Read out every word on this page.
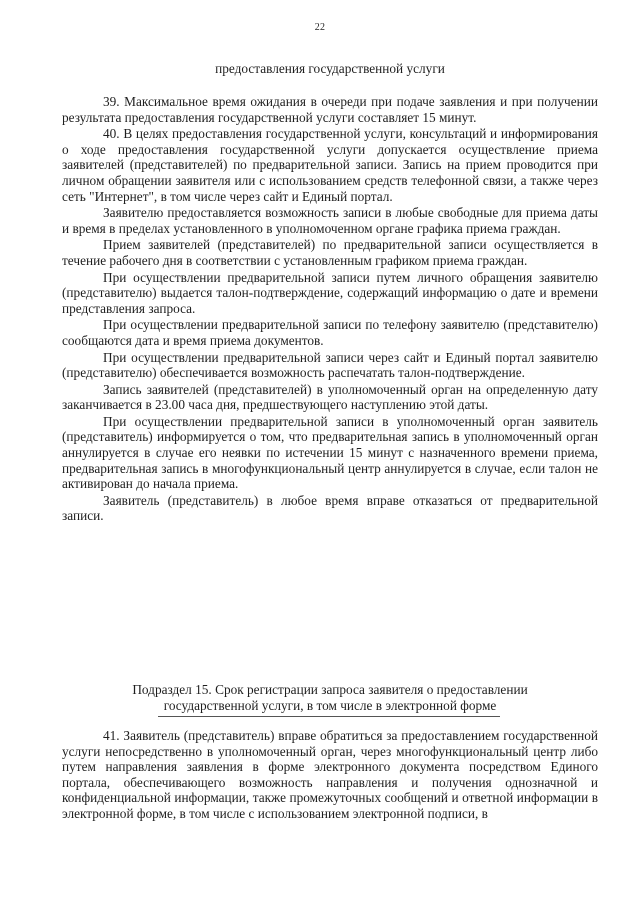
22
предоставления государственной услуги

39. Максимальное время ожидания в очереди при подаче заявления и при получении результата предоставления государственной услуги составляет 15 минут.

40. В целях предоставления государственной услуги, консультаций и информирования о ходе предоставления государственной услуги допускается осуществление приема заявителей (представителей) по предварительной записи. Запись на прием проводится при личном обращении заявителя или с использованием средств телефонной связи, а также через сеть "Интернет", в том числе через сайт и Единый портал.

Заявителю предоставляется возможность записи в любые свободные для приема даты и время в пределах установленного в уполномоченном органе графика приема граждан.

Прием заявителей (представителей) по предварительной записи осуществляется в течение рабочего дня в соответствии с установленным графиком приема граждан.

При осуществлении предварительной записи путем личного обращения заявителю (представителю) выдается талон-подтверждение, содержащий информацию о дате и времени представления запроса.

При осуществлении предварительной записи по телефону заявителю (представителю) сообщаются дата и время приема документов.

При осуществлении предварительной записи через сайт и Единый портал заявителю (представителю) обеспечивается возможность распечатать талон-подтверждение.

Запись заявителей (представителей) в уполномоченный орган на определенную дату заканчивается в 23.00 часа дня, предшествующего наступлению этой даты.

При осуществлении предварительной записи в уполномоченный орган заявитель (представитель) информируется о том, что предварительная запись в уполномоченный орган аннулируется в случае его неявки по истечении 15 минут с назначенного времени приема, предварительная запись в многофункциональный центр аннулируется в случае, если талон не активирован до начала приема.

Заявитель (представитель) в любое время вправе отказаться от предварительной записи.

Подраздел 15. Срок регистрации запроса заявителя о предоставлении
государственной услуги, в том числе в электронной форме

41. Заявитель (представитель) вправе обратиться за предоставлением государственной услуги непосредственно в уполномоченный орган, через многофункциональный центр либо путем направления заявления в форме электронного документа посредством Единого портала, обеспечивающего возможность направления и получения однозначной и конфиденциальной информации, также промежуточных сообщений и ответной информации в электронной форме, в том числе с использованием электронной подписи, в
